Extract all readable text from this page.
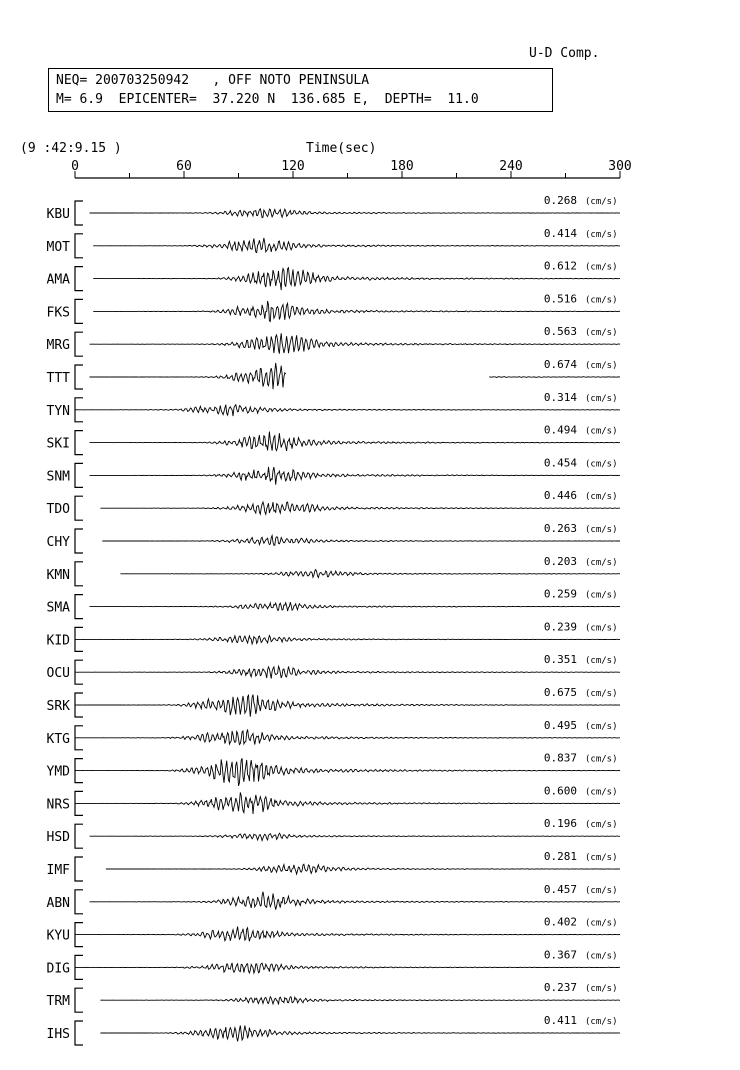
U-D Comp.
NEQ= 200703250942   , OFF NOTO PENINSULA
M= 6.9  EPICENTER=  37.220 N  136.685 E,  DEPTH=  11.0
(9 :42:9.15 )	Time(sec)
0	60	120	180	240	300
KBU
0.268 (cm/s)
MOT
0.414 (cm/s)
AMA
0.612 (cm/s)
FKS
0.516 (cm/s)
MRG
0.563 (cm/s)
TTT
0.674 (cm/s)
TYN
0.314 (cm/s)
SKI
0.494 (cm/s)
SNM
0.454 (cm/s)
TDO
0.446 (cm/s)
CHY
0.263 (cm/s)
KMN
0.203 (cm/s)
SMA
0.259 (cm/s)
KID
0.239 (cm/s)
OCU
0.351 (cm/s)
SRK
0.675 (cm/s)
KTG
0.495 (cm/s)
YMD
0.837 (cm/s)
NRS
0.600 (cm/s)
HSD
0.196 (cm/s)
IMF
0.281 (cm/s)
ABN
0.457 (cm/s)
KYU
0.402 (cm/s)
DIG
0.367 (cm/s)
TRM
0.237 (cm/s)
IHS
0.411 (cm/s)
